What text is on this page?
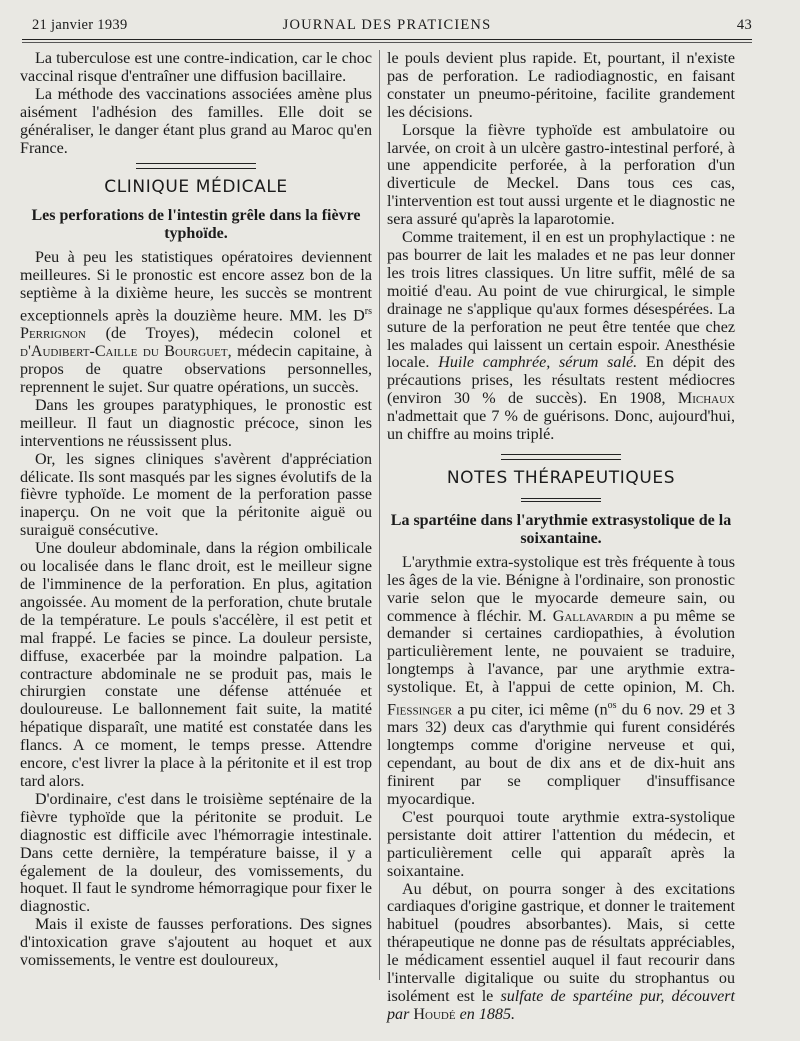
21 janvier 1939	JOURNAL DES PRATICIENS	43

La tuberculose est une contre-indication, car le choc vaccinal risque d'entraîner une diffusion bacillaire.

La méthode des vaccinations associées amène plus aisément l'adhésion des familles. Elle doit se généraliser, le danger étant plus grand au Maroc qu'en France.

CLINIQUE MÉDICALE
Les perforations de l'intestin grêle dans la fièvre typhoïde.

Peu à peu les statistiques opératoires deviennent meilleures. Si le pronostic est encore assez bon de la septième à la dixième heure, les succès se montrent exceptionnels après la douzième heure. MM. les $D^{rs}$ Perrignon (de Troyes), médecin colonel et d'Audibert-Caille du Bourguet, médecin capitaine, à propos de quatre observations personnelles, reprennent le sujet. Sur quatre opérations, un succès.

Dans les groupes paratyphiques, le pronostic est meilleur. Il faut un diagnostic précoce, sinon les interventions ne réussissent plus.

Or, les signes cliniques s'avèrent d'appréciation délicate. Ils sont masqués par les signes évolutifs de la fièvre typhoïde. Le moment de la perforation passe inaperçu. On ne voit que la péritonite aiguë ou suraiguë consécutive.

Une douleur abdominale, dans la région ombilicale ou localisée dans le flanc droit, est le meilleur signe de l'imminence de la perforation. En plus, agitation angoissée. Au moment de la perforation, chute brutale de la température. Le pouls s'accélère, il est petit et mal frappé. Le facies se pince. La douleur persiste, diffuse, exacerbée par la moindre palpation. La contracture abdominale ne se produit pas, mais le chirurgien constate une défense atténuée et douloureuse. Le ballonnement fait suite, la matité hépatique disparaît, une matité est constatée dans les flancs. A ce moment, le temps presse. Attendre encore, c'est livrer la place à la péritonite et il est trop tard alors.

D'ordinaire, c'est dans le troisième septénaire de la fièvre typhoïde que la péritonite se produit. Le diagnostic est difficile avec l'hémorragie intestinale. Dans cette dernière, la température baisse, il y a également de la douleur, des vomissements, du hoquet. Il faut le syndrome hémorragique pour fixer le diagnostic.

Mais il existe de fausses perforations. Des signes d'intoxication grave s'ajoutent au hoquet et aux vomissements, le ventre est douloureux,

le pouls devient plus rapide. Et, pourtant, il n'existe pas de perforation. Le radiodiagnostic, en faisant constater un pneumo-péritoine, facilite grandement les décisions.

Lorsque la fièvre typhoïde est ambulatoire ou larvée, on croit à un ulcère gastro-intestinal perforé, à une appendicite perforée, à la perforation d'un diverticule de Meckel. Dans tous ces cas, l'intervention est tout aussi urgente et le diagnostic ne sera assuré qu'après la laparotomie.

Comme traitement, il en est un prophylactique : ne pas bourrer de lait les malades et ne pas leur donner les trois litres classiques. Un litre suffit, mêlé de sa moitié d'eau. Au point de vue chirurgical, le simple drainage ne s'applique qu'aux formes désespérées. La suture de la perforation ne peut être tentée que chez les malades qui laissent un certain espoir. Anesthésie locale. Huile camphrée, sérum salé. En dépit des précautions prises, les résultats restent médiocres (environ 30 % de succès). En 1908, Michaux n'admettait que 7 % de guérisons. Donc, aujourd'hui, un chiffre au moins triplé.

NOTES THÉRAPEUTIQUES
La spartéine dans l'arythmie extrasystolique de la soixantaine.

L'arythmie extra-systolique est très fréquente à tous les âges de la vie. Bénigne à l'ordinaire, son pronostic varie selon que le myocarde demeure sain, ou commence à fléchir. M. Gallavardin a pu même se demander si certaines cardiopathies, à évolution particulièrement lente, ne pouvaient se traduire, longtemps à l'avance, par une arythmie extra-systolique. Et, à l'appui de cette opinion, M. Ch. Fiessinger a pu citer, ici même ($n^{os}$ du 6 nov. 29 et 3 mars 32) deux cas d'arythmie qui furent considérés longtemps comme d'origine nerveuse et qui, cependant, au bout de dix ans et de dix-huit ans finirent par se compliquer d'insuffisance myocardique.

C'est pourquoi toute arythmie extra-systolique persistante doit attirer l'attention du médecin, et particulièrement celle qui apparaît après la soixantaine.

Au début, on pourra songer à des excitations cardiaques d'origine gastrique, et donner le traitement habituel (poudres absorbantes). Mais, si cette thérapeutique ne donne pas de résultats appréciables, le médicament essentiel auquel il faut recourir dans l'intervalle digitalique ou suite du strophantus ou isolément est le sulfate de spartéine pur, découvert par Houdé en 1885.
